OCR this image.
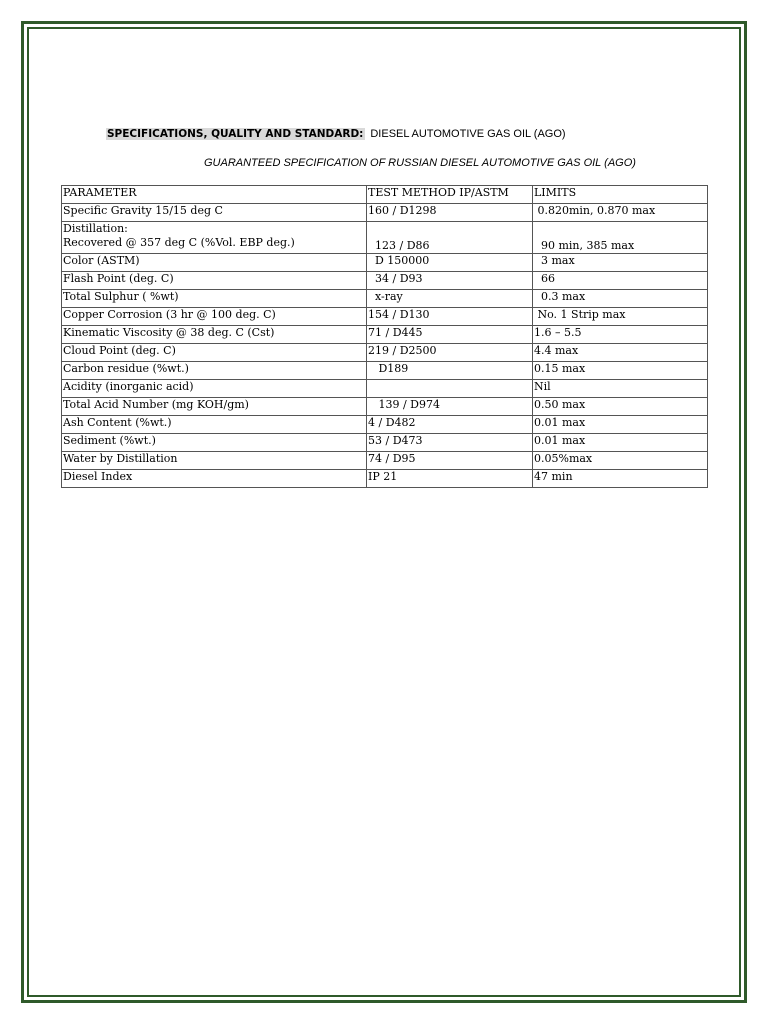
SPECIFICATIONS, QUALITY AND STANDARD: DIESEL AUTOMOTIVE GAS OIL (AGO)
GUARANTEED SPECIFICATION OF RUSSIAN DIESEL AUTOMOTIVE GAS OIL (AGO)
PARAMETER	TEST METHOD IP/ASTM	LIMITS
Specific Gravity 15/15 deg C	160 / D1298	0.820min, 0.870 max

Distillation:
Recovered @ 357 deg C (%Vol. EBP deg.)	123 / D86	90 min, 385 max
Color (ASTM)	D 150000	3 max
Flash Point (deg. C)	34 / D93	66
Total Sulphur ( %wt)	x-ray	0.3 max
Copper Corrosion (3 hr @ 100 deg. C)	154 / D130	No. 1 Strip max
Kinematic Viscosity @ 38 deg. C (Cst)	71 / D445	1.6 – 5.5
Cloud Point (deg. C)	219 / D2500	4.4 max
Carbon residue (%wt.)	D189	0.15 max
Acidity (inorganic acid)		Nil
Total Acid Number (mg KOH/gm)	139 / D974	0.50 max
Ash Content (%wt.)	4 / D482	0.01 max
Sediment (%wt.)	53 / D473	0.01 max
Water by Distillation	74 / D95	0.05%max
Diesel Index	IP 21	47 min
